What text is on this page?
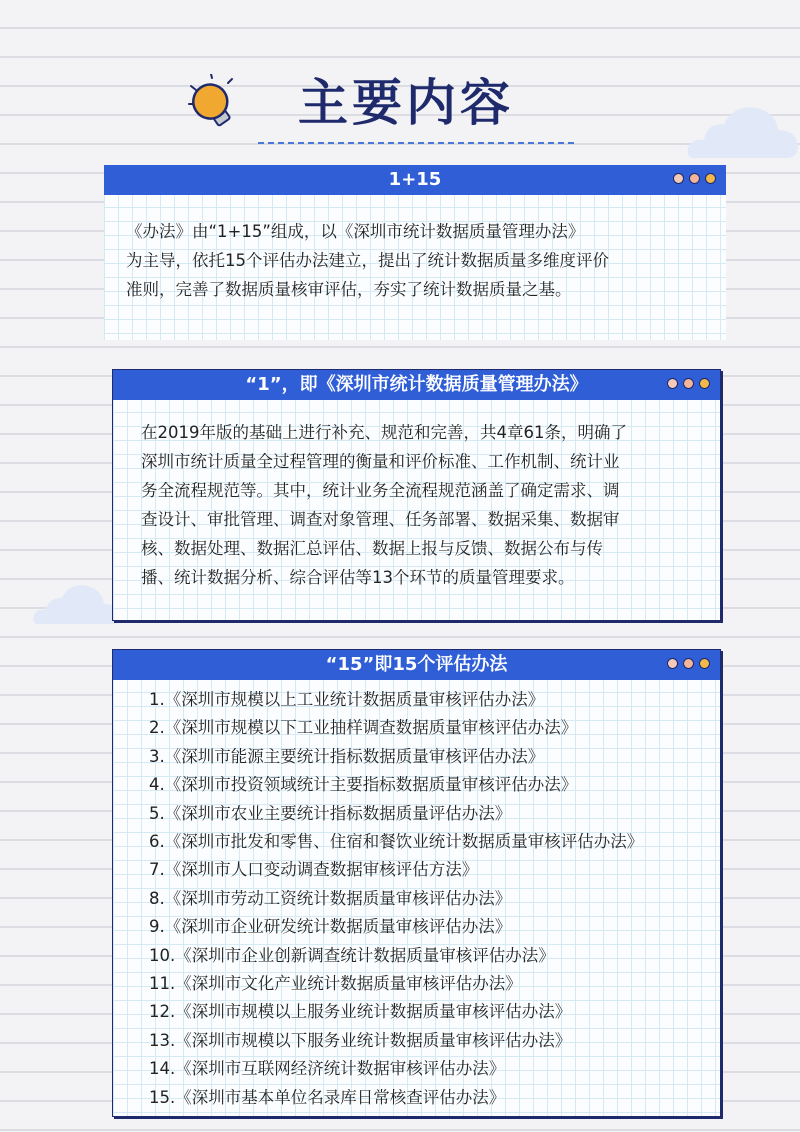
主要内容
1+15
《办法》由“1+15”组成，以《深圳市统计数据质量管理办法》
为主导，依托15个评估办法建立，提出了统计数据质量多维度评价
准则，完善了数据质量核审评估，夯实了统计数据质量之基。
“1”，即《深圳市统计数据质量管理办法》
在2019年版的基础上进行补充、规范和完善，共4章61条，明确了
深圳市统计质量全过程管理的衡量和评价标准、工作机制、统计业
务全流程规范等。其中，统计业务全流程规范涵盖了确定需求、调
查设计、审批管理、调查对象管理、任务部署、数据采集、数据审
核、数据处理、数据汇总评估、数据上报与反馈、数据公布与传
播、统计数据分析、综合评估等13个环节的质量管理要求。
“15”即15个评估办法
1.《深圳市规模以上工业统计数据质量审核评估办法》
2.《深圳市规模以下工业抽样调查数据质量审核评估办法》
3.《深圳市能源主要统计指标数据质量审核评估办法》
4.《深圳市投资领域统计主要指标数据质量审核评估办法》
5.《深圳市农业主要统计指标数据质量评估办法》
6.《深圳市批发和零售、住宿和餐饮业统计数据质量审核评估办法》
7.《深圳市人口变动调查数据审核评估方法》
8.《深圳市劳动工资统计数据质量审核评估办法》
9.《深圳市企业研发统计数据质量审核评估办法》
10.《深圳市企业创新调查统计数据质量审核评估办法》
11.《深圳市文化产业统计数据质量审核评估办法》
12.《深圳市规模以上服务业统计数据质量审核评估办法》
13.《深圳市规模以下服务业统计数据质量审核评估办法》
14.《深圳市互联网经济统计数据审核评估办法》
15.《深圳市基本单位名录库日常核查评估办法》
